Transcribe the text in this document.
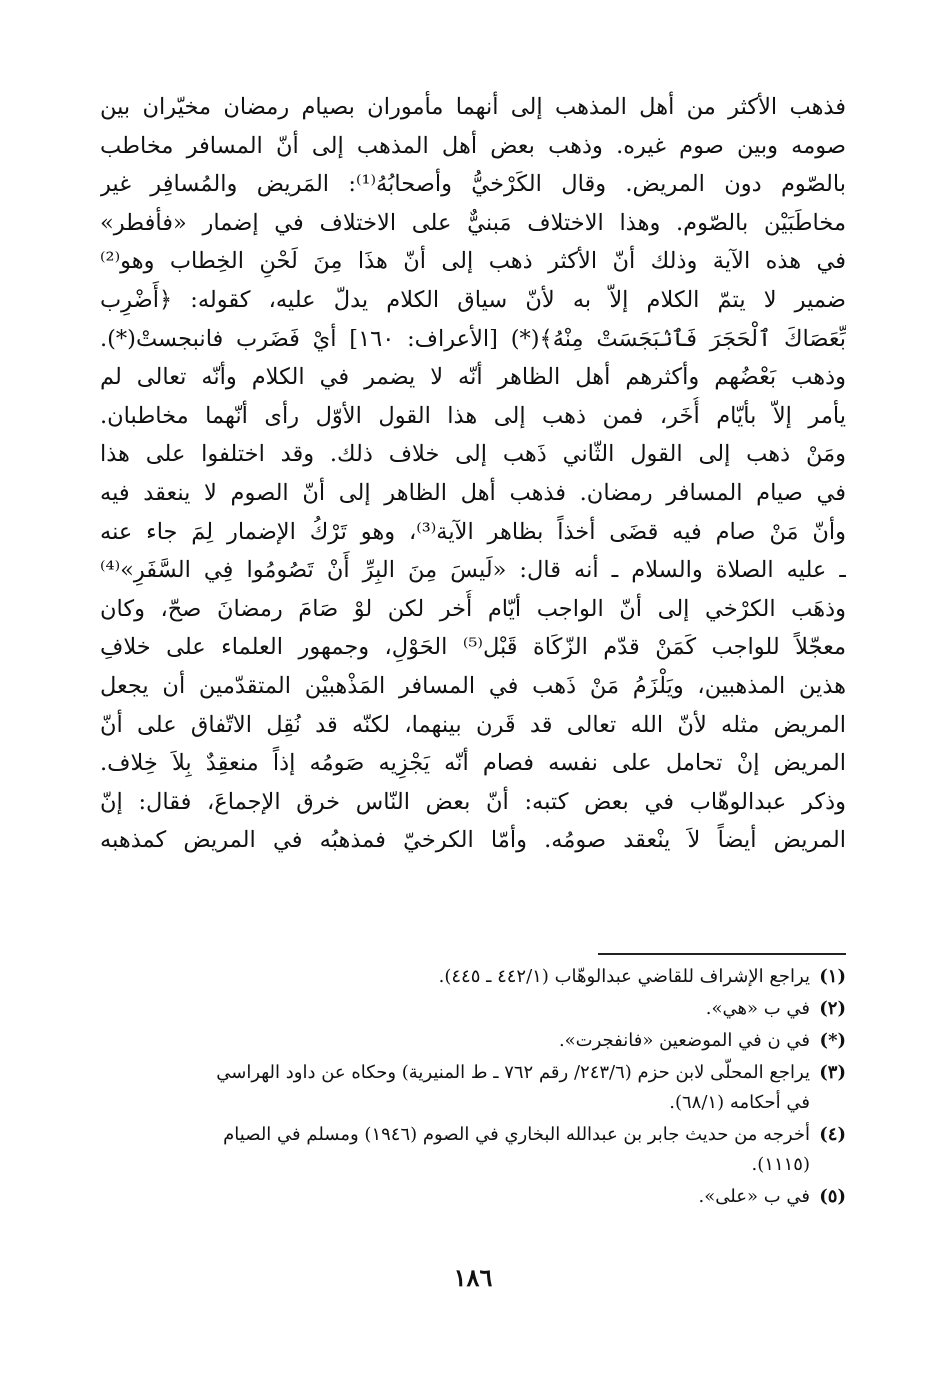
فذهب الأكثر من أهل المذهب إلى أنهما مأموران بصيام رمضان مخيّران بين
صومه وبين صوم غيره. وذهب بعض أهل المذهب إلى أنّ المسافر مخاطب
بالصّوم دون المريض. وقال الكَرْخيُّ وأصحابُهُ⁽¹⁾: المَريض والمُسافِر غير
مخاطَبَيْن بالصّوم. وهذا الاختلاف مَبنيٌّ على الاختلاف في إضمار «فأفطر»
في هذه الآية وذلك أنّ الأكثر ذهب إلى أنّ هذَا مِنَ لَحْنِ الخِطاب وهو⁽²⁾
ضمير لا يتمّ الكلام إلاّ به لأنّ سياق الكلام يدلّ عليه، كقوله: ﴿أَضْرِب
بِّعَصَاكَ ٱلْحَجَرَ فَٱنۢبَجَسَتْ مِنْهُ﴾(*) [الأعراف: ١٦٠] أيْ فَضَرب فانبجستْ(*).
وذهب بَعْضُهم وأكثرهم أهل الظاهر أنّه لا يضمر في الكلام وأنّه تعالى لم
يأمر إلاّ بأيّام أُخَر، فمن ذهب إلى هذا القول الأوّل رأى أنّهما مخاطبان.
ومَنْ ذهب إلى القول الثّاني ذَهب إلى خلاف ذلك. وقد اختلفوا على هذا
في صيام المسافر رمضان. فذهب أهل الظاهر إلى أنّ الصوم لا ينعقد فيه
وأنّ مَنْ صام فيه قضَى أخذاً بظاهر الآية⁽³⁾، وهو تَرْكُ الإضمار لِمَ جاء عنه
ـ عليه الصلاة والسلام ـ أنه قال: «لَيسَ مِنَ البِرِّ أَنْ تَصُومُوا فِي السَّفَرِ»⁽⁴⁾
وذهَب الكرْخي إلى أنّ الواجب أيّام أُخر لكن لوْ صَامَ رمضانَ صحّ، وكان
معجّلاً للواجب كَمَنْ قدّم الزّكَاة قَبْل⁽⁵⁾ الحَوْلِ، وجمهور العلماء على خلافِ
هذين المذهبين، ويَلْزَمُ مَنْ ذَهب في المسافر المَذْهبيْن المتقدّمين أن يجعل
المريض مثله لأنّ الله تعالى قد قَرن بينهما، لكنّه قد نُقِل الاتّفاق على أنّ
المريض إنْ تحامل على نفسه فصام أنّه يَجْزِيه صَومُه إذاً منعقِدٌ بِلاَ خِلاف.
وذكر عبدالوهّاب في بعض كتبه: أنّ بعض النّاس خرق الإجماعَ، فقال: إنّ
المريض أيضاً لاَ ينْعقد صومُه. وأمّا الكرخيّ فمذهبُه في المريض كمذهبه
(١)
يراجع الإشراف للقاضي عبدالوهّاب (٤٤٢/١ ـ ٤٤٥).
(٢)
في ب «هي».
(*)
في ن في الموضعين «فانفجرت».
(٣)
يراجع المحلّى لابن حزم (٢٤٣/٦/ رقم ٧٦٢ ـ ط المنيرية) وحكاه عن داود الهراسي
في أحكامه (٦٨/١).
(٤)
أخرجه من حديث جابر بن عبدالله البخاري في الصوم (١٩٤٦) ومسلم في الصيام
(١١١٥).
(٥)
في ب «على».
١٨٦
